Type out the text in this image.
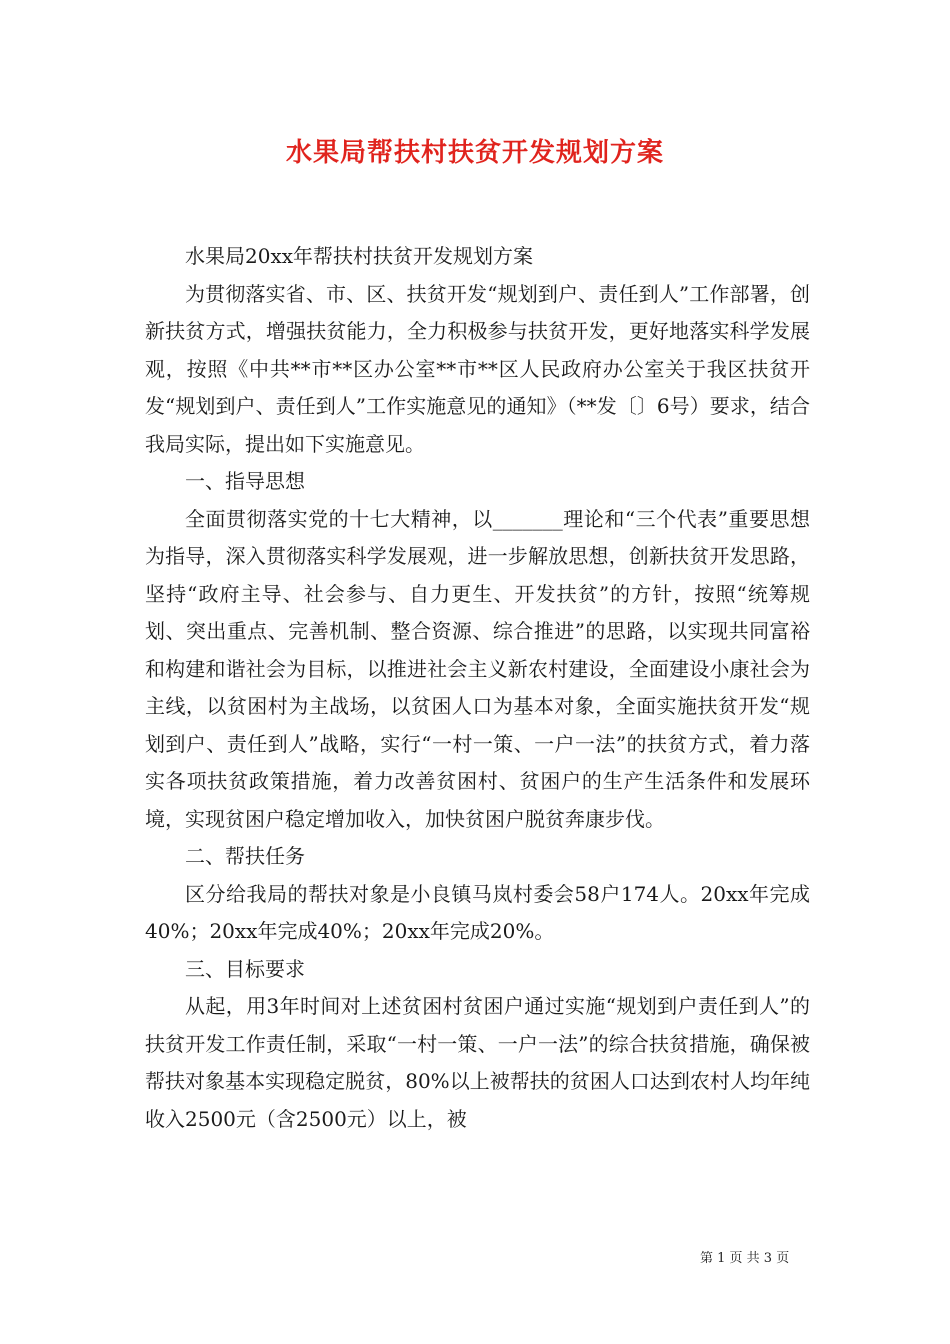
水果局帮扶村扶贫开发规划方案

水果局20xx年帮扶村扶贫开发规划方案

为贯彻落实省、市、区、扶贫开发“规划到户、责任到人”工作部署，创新扶贫方式，增强扶贫能力，全力积极参与扶贫开发，更好地落实科学发展观，按照《中共**市**区办公室**市**区人民政府办公室关于我区扶贫开发“规划到户、责任到人”工作实施意见的通知》（**发〔〕6号）要求，结合我局实际，提出如下实施意见。

一、指导思想

全面贯彻落实党的十七大精神，以_______理论和“三个代表”重要思想为指导，深入贯彻落实科学发展观，进一步解放思想，创新扶贫开发思路，坚持“政府主导、社会参与、自力更生、开发扶贫”的方针，按照“统筹规划、突出重点、完善机制、整合资源、综合推进”的思路，以实现共同富裕和构建和谐社会为目标，以推进社会主义新农村建设，全面建设小康社会为主线，以贫困村为主战场，以贫困人口为基本对象，全面实施扶贫开发“规划到户、责任到人”战略，实行“一村一策、一户一法”的扶贫方式，着力落实各项扶贫政策措施，着力改善贫困村、贫困户的生产生活条件和发展环境，实现贫困户稳定增加收入，加快贫困户脱贫奔康步伐。

二、帮扶任务

区分给我局的帮扶对象是小良镇马岚村委会58户174人。20xx年完成40%；20xx年完成40%；20xx年完成20%。

三、目标要求

从起，用3年时间对上述贫困村贫困户通过实施“规划到户责任到人”的扶贫开发工作责任制，采取“一村一策、一户一法”的综合扶贫措施，确保被帮扶对象基本实现稳定脱贫，80%以上被帮扶的贫困人口达到农村人均年纯收入2500元（含2500元）以上，被

第 1 页 共 3 页
